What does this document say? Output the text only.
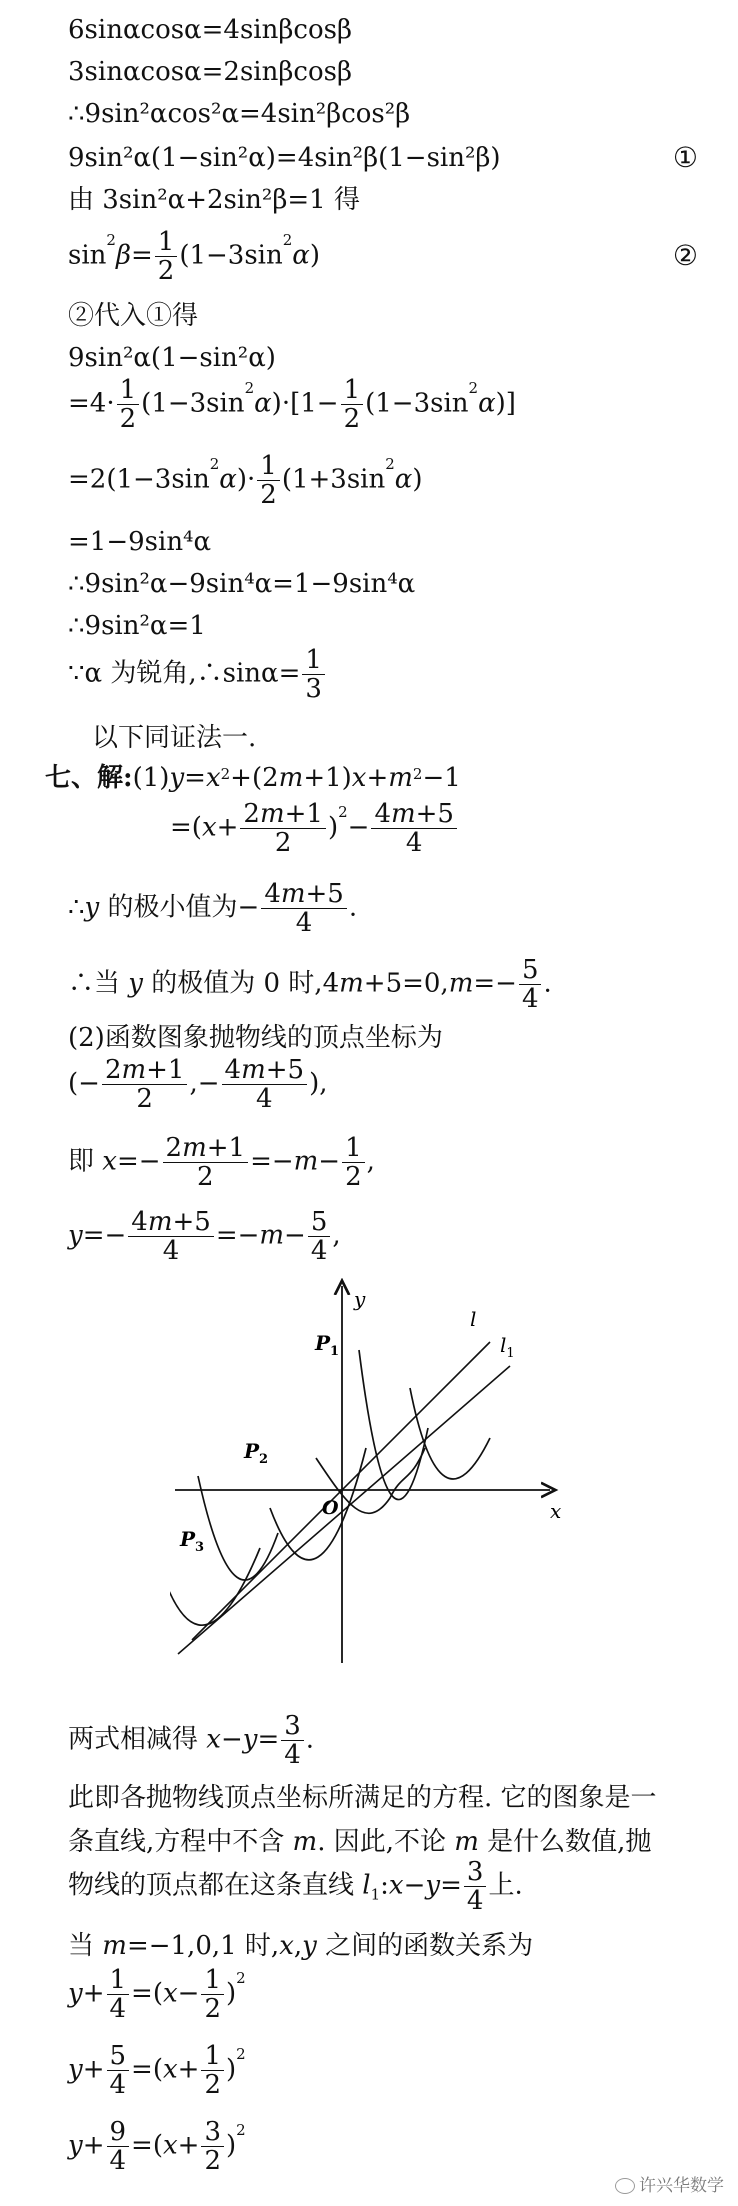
6sinαcosα=4sinβcosβ
3sinαcosα=2sinβcosβ
∴9sin²αcos²α=4sin²βcos²β
9sin²α(1−sin²α)=4sin²β(1−sin²β)	①
由 3sin²α+2sin²β=1 得
$\sin^2\beta= \frac{1}{2} (1-3\sin^2\alpha)$	②
②代入①得
9sin²α(1−sin²α)
$=4\cdot \frac{1}{2} (1-3\sin^2\alpha)\cdot[1- \frac{1}{2} (1-3\sin^2\alpha)]$
$=2(1-3\sin^2\alpha)\cdot \frac{1}{2} (1+3\sin^2\alpha)$
=1−9sin⁴α
∴9sin²α−9sin⁴α=1−9sin⁴α
∴9sin²α=1
∵α 为锐角,∴sinα= $\frac{1}{3}$
以下同证法一.
七、解$:(1)y=x^2+(2m+1)x+m^2-1$
$=(x+ \frac{2m+1}{2} )^2- \frac{4m+5}{4}$
∴y 的极小值为− $\frac{4m+5}{4}$ .
∴当 y 的极值为 0 时$,4m+5=0,m=- \frac{5}{4}$ .
(2)函数图象抛物线的顶点坐标为
(− $\frac{2m+1}{2}$ ,− $\frac{4m+5}{4}$ ),
即 $x=- \frac{2m+1}{2} =-m- \frac{1}{2}$ ,
$y=- \frac{4m+5}{4} =-m- \frac{5}{4}$ ,
y
x
O
l
$l_1$
$P_1$
$P_2$
$P_3$
两式相减得 $x-y= \frac{3}{4}$ .
此即各抛物线顶点坐标所满足的方程. 它的图象是一
条直线,方程中不含 m. 因此,不论 m 是什么数值,抛
物线的顶点都在这条直线 $l_1:x-y= \frac{3}{4}$ 上.
当 m=−1,0,1 时,x,y 之间的函数关系为
$y+ \frac{1}{4} =(x- \frac{1}{2} )^2$
$y+ \frac{5}{4} =(x+ \frac{1}{2} )^2$
$y+ \frac{9}{4} =(x+ \frac{3}{2} )^2$
许兴华数学
